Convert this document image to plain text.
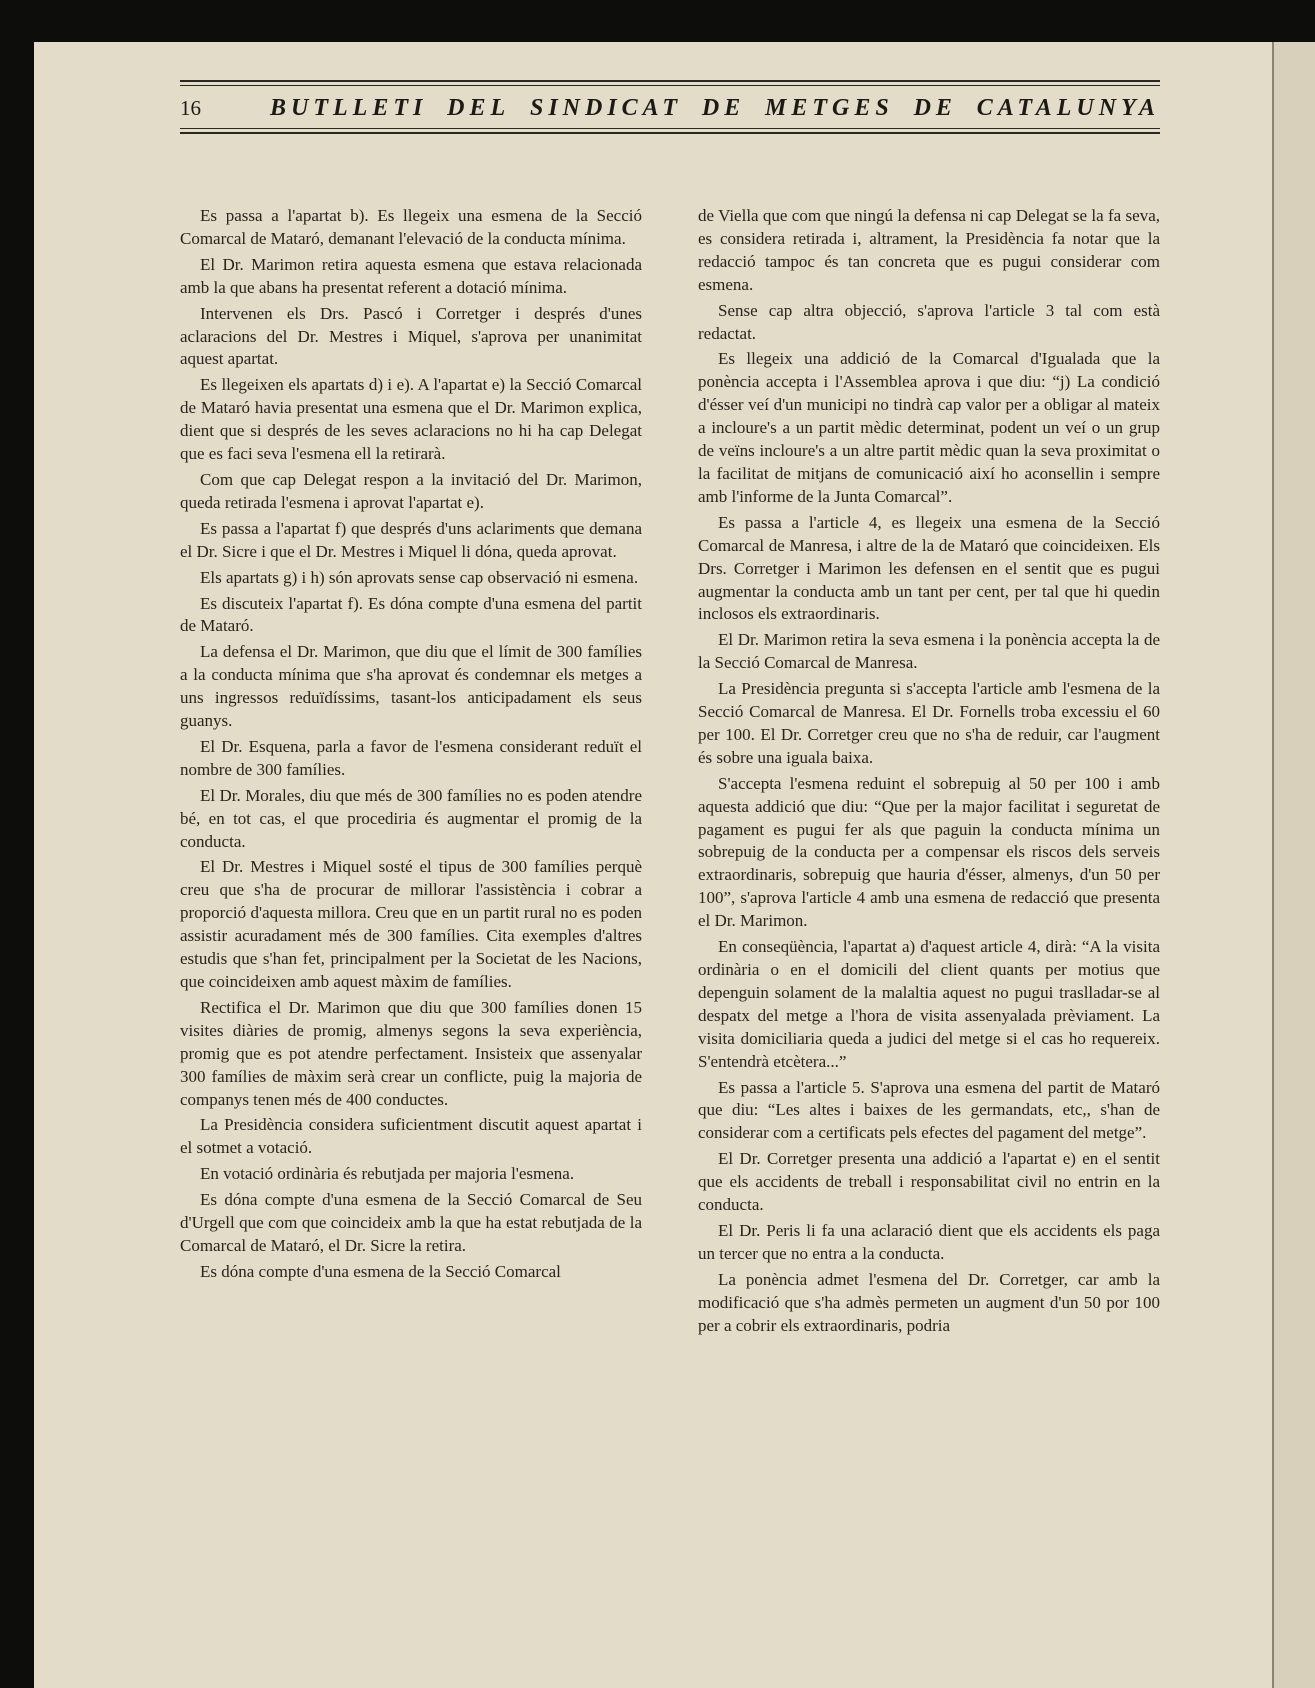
16	BUTLLETI DEL SINDICAT DE METGES DE CATALUNYA

Es passa a l'apartat b). Es llegeix una esmena de la Secció Comarcal de Mataró, demanant l'elevació de la conducta mínima.

El Dr. Marimon retira aquesta esmena que estava relacionada amb la que abans ha presentat referent a dotació mínima.

Intervenen els Drs. Pascó i Corretger i després d'unes aclaracions del Dr. Mestres i Miquel, s'aprova per unanimitat aquest apartat.

Es llegeixen els apartats d) i e). A l'apartat e) la Secció Comarcal de Mataró havia presentat una esmena que el Dr. Marimon explica, dient que si després de les seves aclaracions no hi ha cap Delegat que es faci seva l'esmena ell la retirarà.

Com que cap Delegat respon a la invitació del Dr. Marimon, queda retirada l'esmena i aprovat l'apartat e).

Es passa a l'apartat f) que després d'uns aclariments que demana el Dr. Sicre i que el Dr. Mestres i Miquel li dóna, queda aprovat.

Els apartats g) i h) són aprovats sense cap observació ni esmena.

Es discuteix l'apartat f). Es dóna compte d'una esmena del partit de Mataró.

La defensa el Dr. Marimon, que diu que el límit de 300 famílies a la conducta mínima que s'ha aprovat és condemnar els metges a uns ingressos reduïdíssims, tasant-los anticipadament els seus guanys.

El Dr. Esquena, parla a favor de l'esmena considerant reduït el nombre de 300 famílies.

El Dr. Morales, diu que més de 300 famílies no es poden atendre bé, en tot cas, el que procediria és augmentar el promig de la conducta.

El Dr. Mestres i Miquel sosté el tipus de 300 famílies perquè creu que s'ha de procurar de millorar l'assistència i cobrar a proporció d'aquesta millora. Creu que en un partit rural no es poden assistir acuradament més de 300 famílies. Cita exemples d'altres estudis que s'han fet, principalment per la Societat de les Nacions, que coincideixen amb aquest màxim de famílies.

Rectifica el Dr. Marimon que diu que 300 famílies donen 15 visites diàries de promig, almenys segons la seva experiència, promig que es pot atendre perfectament. Insisteix que assenyalar 300 famílies de màxim serà crear un conflicte, puig la majoria de companys tenen més de 400 conductes.

La Presidència considera suficientment discutit aquest apartat i el sotmet a votació.

En votació ordinària és rebutjada per majoria l'esmena.

Es dóna compte d'una esmena de la Secció Comarcal de Seu d'Urgell que com que coincideix amb la que ha estat rebutjada de la Comarcal de Mataró, el Dr. Sicre la retira.

Es dóna compte d'una esmena de la Secció Comarcal

de Viella que com que ningú la defensa ni cap Delegat se la fa seva, es considera retirada i, altrament, la Presidència fa notar que la redacció tampoc és tan concreta que es pugui considerar com esmena.

Sense cap altra objecció, s'aprova l'article 3 tal com està redactat.

Es llegeix una addició de la Comarcal d'Igualada que la ponència accepta i l'Assemblea aprova i que diu: “j) La condició d'ésser veí d'un municipi no tindrà cap valor per a obligar al mateix a incloure's a un partit mèdic determinat, podent un veí o un grup de veïns incloure's a un altre partit mèdic quan la seva proximitat o la facilitat de mitjans de comunicació així ho aconsellin i sempre amb l'informe de la Junta Comarcal”.

Es passa a l'article 4, es llegeix una esmena de la Secció Comarcal de Manresa, i altre de la de Mataró que coincideixen. Els Drs. Corretger i Marimon les defensen en el sentit que es pugui augmentar la conducta amb un tant per cent, per tal que hi quedin inclosos els extraordinaris.

El Dr. Marimon retira la seva esmena i la ponència accepta la de la Secció Comarcal de Manresa.

La Presidència pregunta si s'accepta l'article amb l'esmena de la Secció Comarcal de Manresa. El Dr. Fornells troba excessiu el 60 per 100. El Dr. Corretger creu que no s'ha de reduir, car l'augment és sobre una iguala baixa.

S'accepta l'esmena reduint el sobrepuig al 50 per 100 i amb aquesta addició que diu: “Que per la major facilitat i seguretat de pagament es pugui fer als que paguin la conducta mínima un sobrepuig de la conducta per a compensar els riscos dels serveis extraordinaris, sobrepuig que hauria d'ésser, almenys, d'un 50 per 100”, s'aprova l'article 4 amb una esmena de redacció que presenta el Dr. Marimon.

En conseqüència, l'apartat a) d'aquest article 4, dirà: “A la visita ordinària o en el domicili del client quants per motius que depenguin solament de la malaltia aquest no pugui traslladar-se al despatx del metge a l'hora de visita assenyalada prèviament. La visita domiciliaria queda a judici del metge si el cas ho requereix. S'entendrà etcètera...”

Es passa a l'article 5. S'aprova una esmena del partit de Mataró que diu: “Les altes i baixes de les germandats, etc,, s'han de considerar com a certificats pels efectes del pagament del metge”.

El Dr. Corretger presenta una addició a l'apartat e) en el sentit que els accidents de treball i responsabilitat civil no entrin en la conducta.

El Dr. Peris li fa una aclaració dient que els accidents els paga un tercer que no entra a la conducta.

La ponència admet l'esmena del Dr. Corretger, car amb la modificació que s'ha admès permeten un augment d'un 50 por 100 per a cobrir els extraordinaris, podria
